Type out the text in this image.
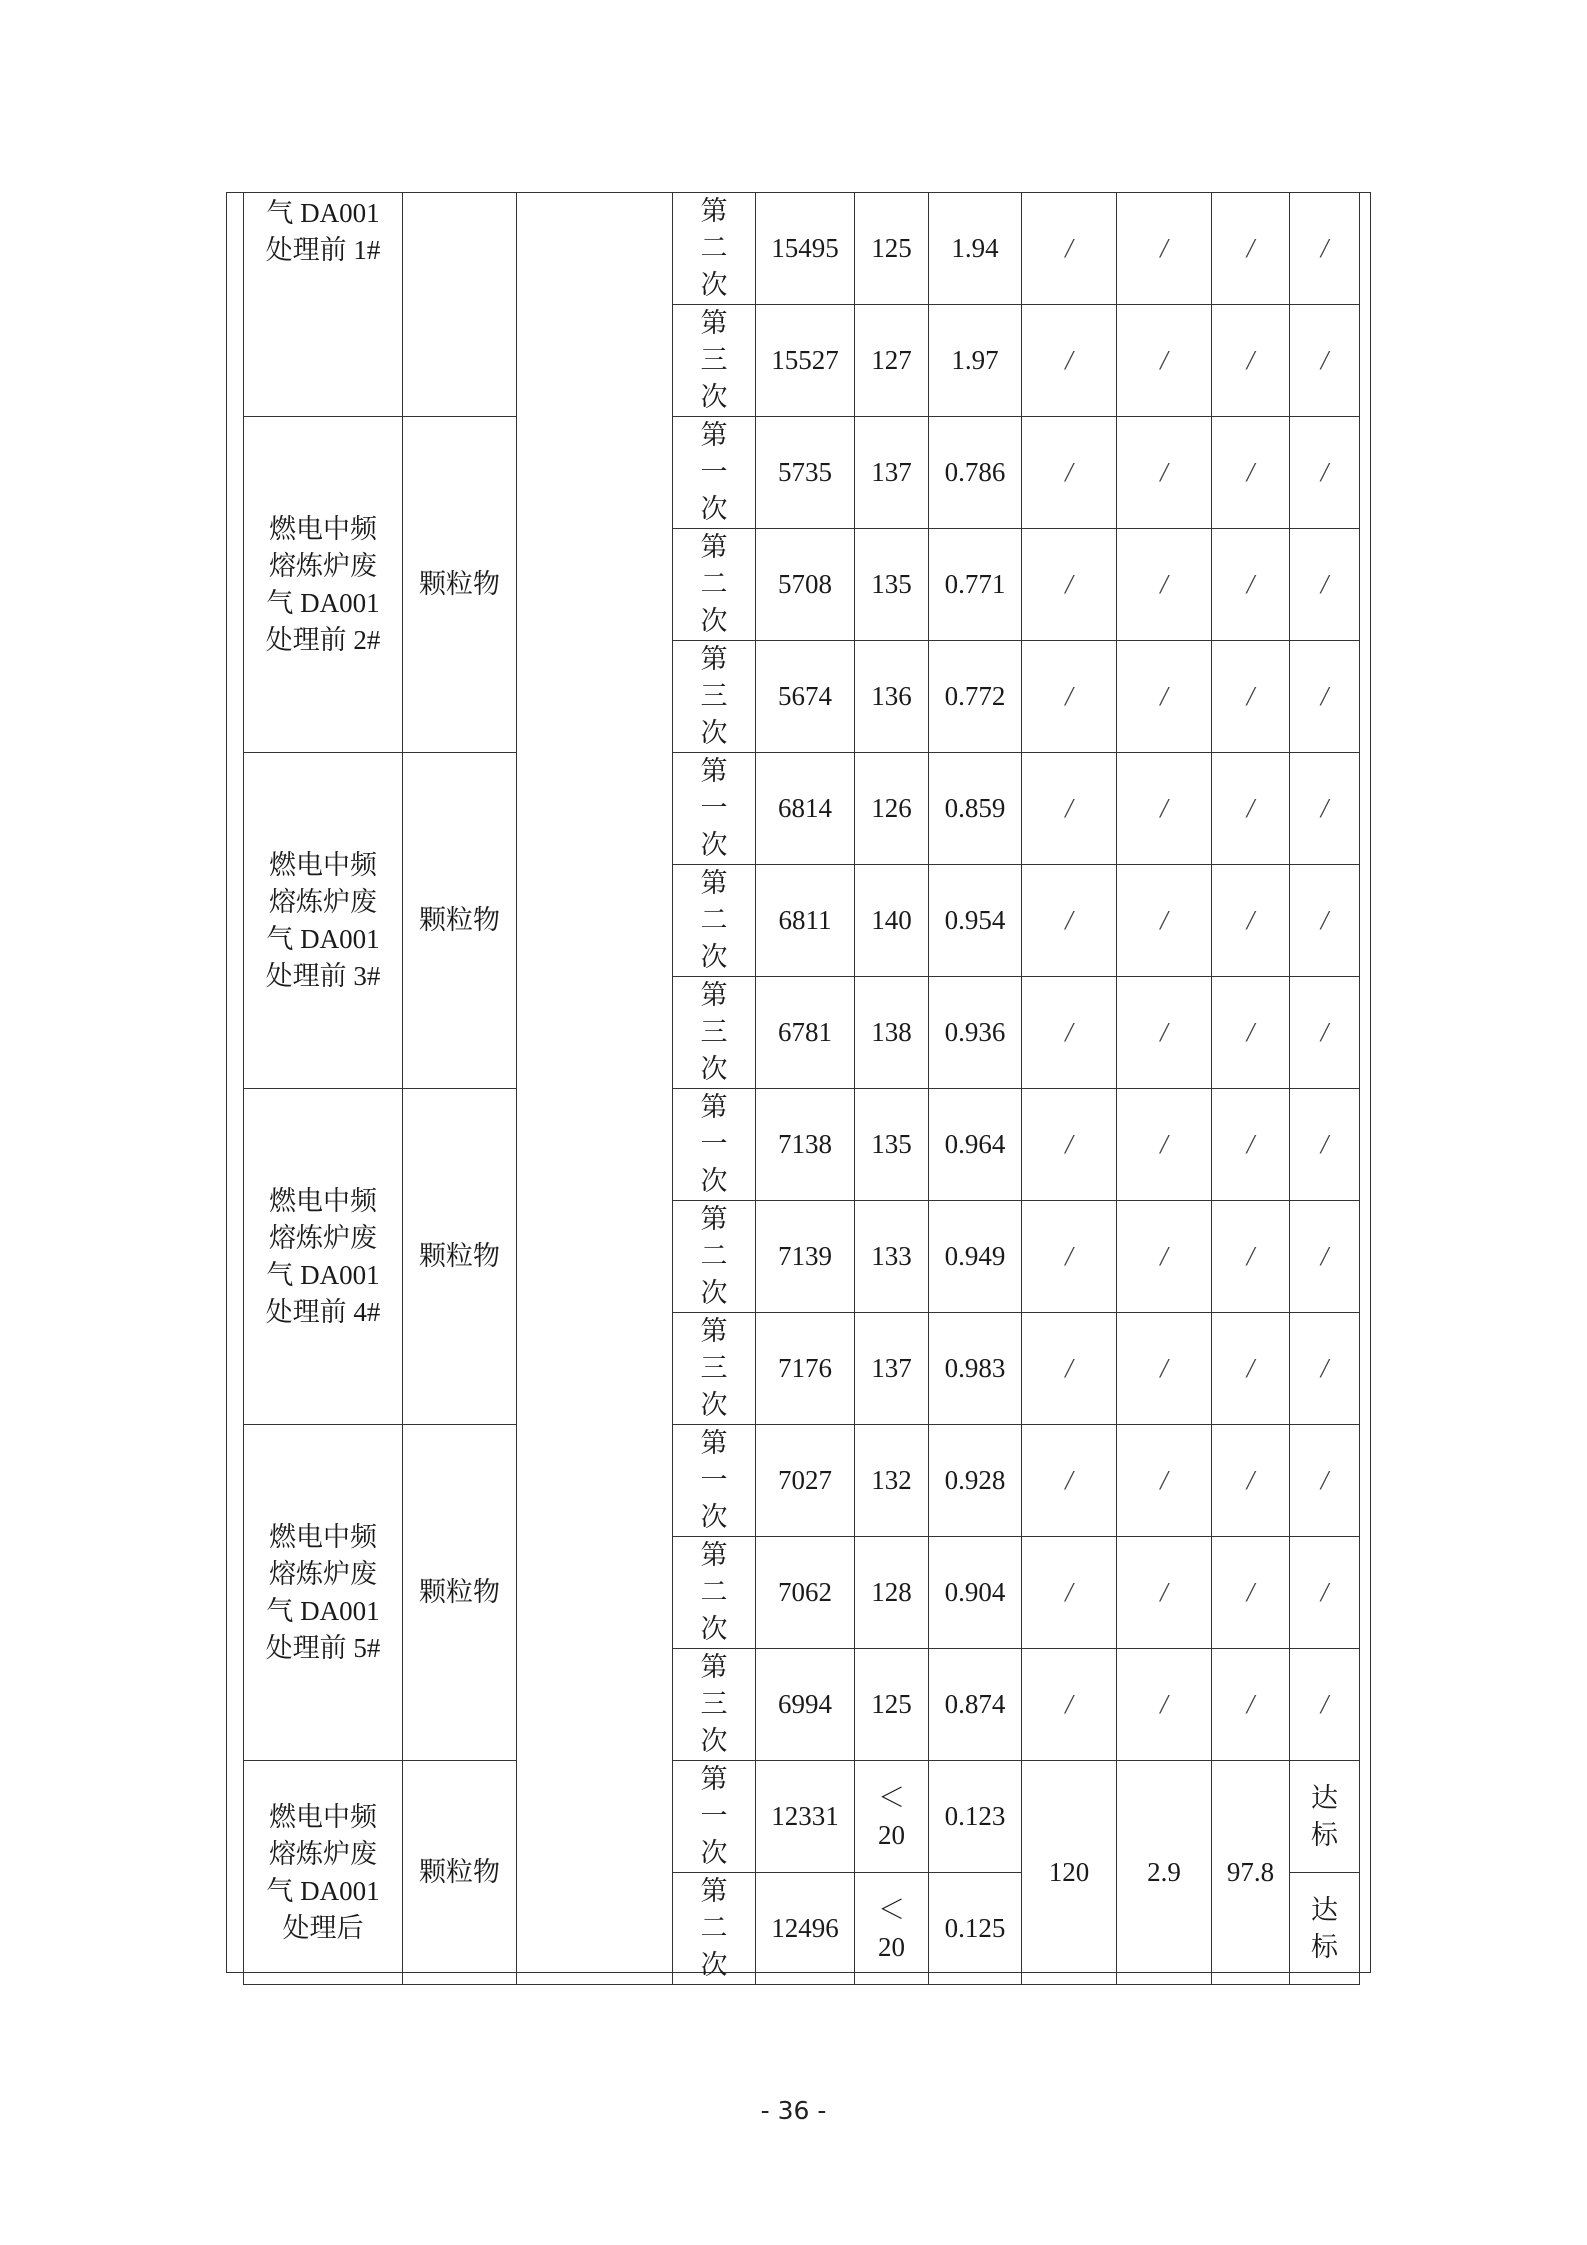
气 DA001 处理前 1#			第二次	15495	125	1.94	/	/	/	/
			第三次	15527	127	1.97	/	/	/	/
燃电中频熔炼炉废气 DA001 处理前 2#	颗粒物		第一次	5735	137	0.786	/	/	/	/
			第二次	5708	135	0.771	/	/	/	/
			第三次	5674	136	0.772	/	/	/	/
燃电中频熔炼炉废气 DA001 处理前 3#	颗粒物		第一次	6814	126	0.859	/	/	/	/
			第二次	6811	140	0.954	/	/	/	/
			第三次	6781	138	0.936	/	/	/	/
燃电中频熔炼炉废气 DA001 处理前 4#	颗粒物		第一次	7138	135	0.964	/	/	/	/
			第二次	7139	133	0.949	/	/	/	/
			第三次	7176	137	0.983	/	/	/	/
燃电中频熔炼炉废气 DA001 处理前 5#	颗粒物		第一次	7027	132	0.928	/	/	/	/
			第二次	7062	128	0.904	/	/	/	/
			第三次	6994	125	0.874	/	/	/	/
燃电中频熔炼炉废气 DA001 处理后	颗粒物		第一次	12331	＜20	0.123	120	2.9	97.8	达标
			第二次	12496	＜20	0.125				达标
- 36 -
